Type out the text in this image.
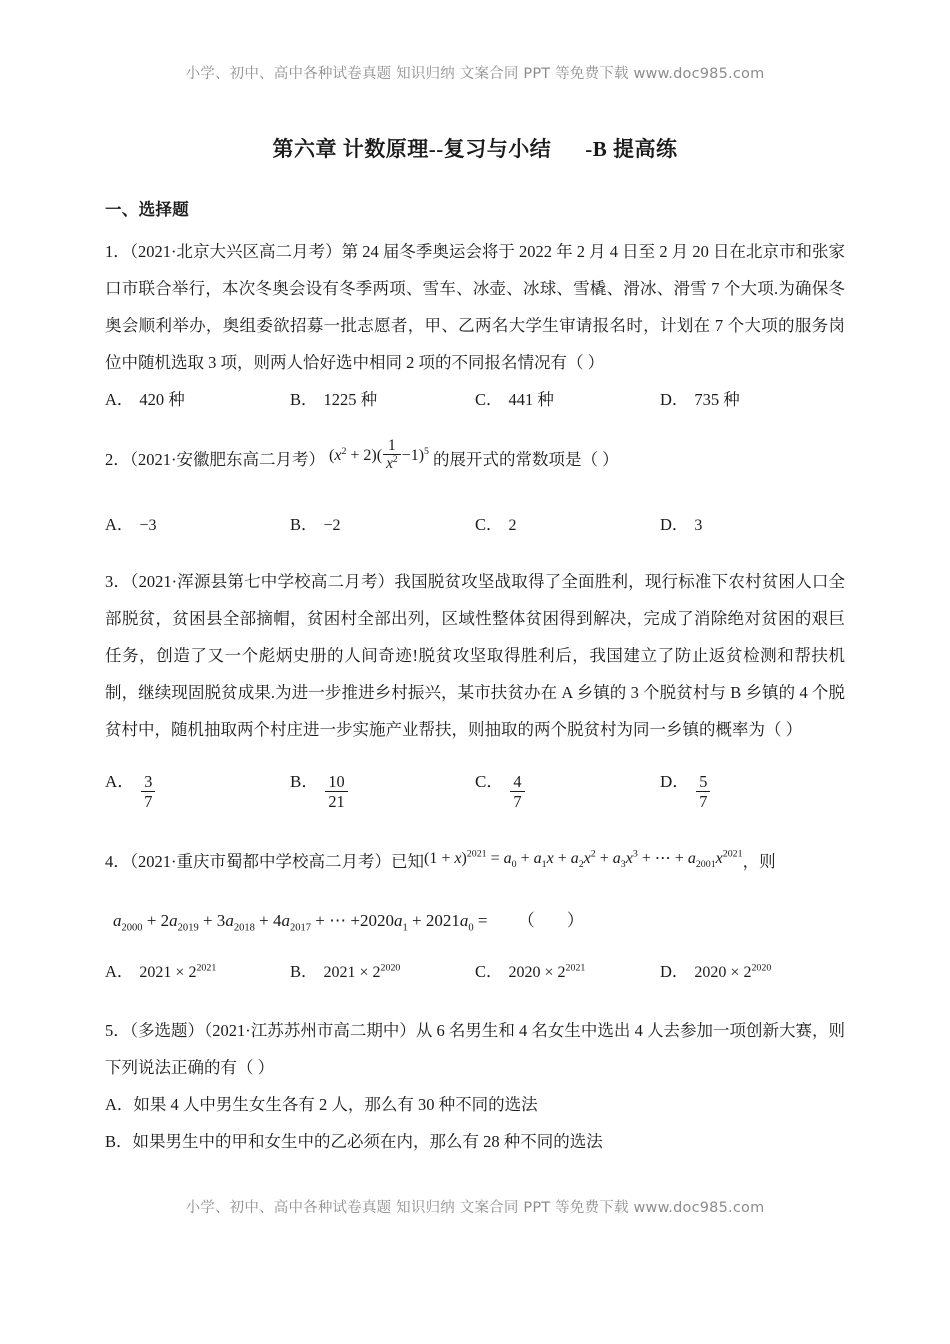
小学、初中、高中各种试卷真题 知识归纳 文案合同 PPT 等免费下载 www.doc985.com
第六章 计数原理--复习与小结 -B 提高练
一、选择题
1．（2021·北京大兴区高二月考）第 24 届冬季奥运会将于 2022 年 2 月 4 日至 2 月 20 日在北京市和张家口市联合举行，本次冬奥会设有冬季两项、雪车、冰壶、冰球、雪橇、滑冰、滑雪 7 个大项.为确保冬奥会顺利举办，奥组委欲招募一批志愿者，甲、乙两名大学生审请报名时，计划在 7 个大项的服务岗位中随机选取 3 项，则两人恰好选中相同 2 项的不同报名情况有（ ）
A． 420 种	B． 1225 种	C． 441 种	D． 735 种
2．（2021·安徽肥东高二月考） $(x^2 + 2)( \frac{1}{x^2} -1)^5$ 的展开式的常数项是（ ）
A． −3	B． −2	C． 2	D． 3
3．（2021·浑源县第七中学校高二月考）我国脱贫攻坚战取得了全面胜利，现行标准下农村贫困人口全部脱贫，贫困县全部摘帽，贫困村全部出列，区域性整体贫困得到解决，完成了消除绝对贫困的艰巨任务，创造了又一个彪炳史册的人间奇迹!脱贫攻坚取得胜利后，我国建立了防止返贫检测和帮扶机制，继续现固脱贫成果.为进一步推进乡村振兴，某市扶贫办在 A 乡镇的 3 个脱贫村与 B 乡镇的 4 个脱贫村中，随机抽取两个村庄进一步实施产业帮扶，则抽取的两个脱贫村为同一乡镇的概率为（ ）
A． $\frac{3}{7}$	B． $\frac{10}{21}$	C． $\frac{4}{7}$	D． $\frac{5}{7}$
4．（2021·重庆市蜀都中学校高二月考）已知$(1 + x)^{2021} = a_0 + a_1x + a_2x^2 + a_3x^3$ + ⋯ + $a_{2001}x^{2021}$，则
$a_{2000} + 2a_{2019} + 3a_{2018} + 4a_{2017}$ + ⋯ $+2020a_1 + 2021a_0$ = （ ）
A． $2021 \times 2^{2021}$	B． $2021 \times 2^{2020}$	C． $2020 \times 2^{2021}$	D． $2020 \times 2^{2020}$
5．（多选题）（2021·江苏苏州市高二期中）从 6 名男生和 4 名女生中选出 4 人去参加一项创新大赛，则下列说法正确的有（ ）
A．如果 4 人中男生女生各有 2 人，那么有 30 种不同的选法
B．如果男生中的甲和女生中的乙必须在内，那么有 28 种不同的选法
小学、初中、高中各种试卷真题 知识归纳 文案合同 PPT 等免费下载 www.doc985.com
